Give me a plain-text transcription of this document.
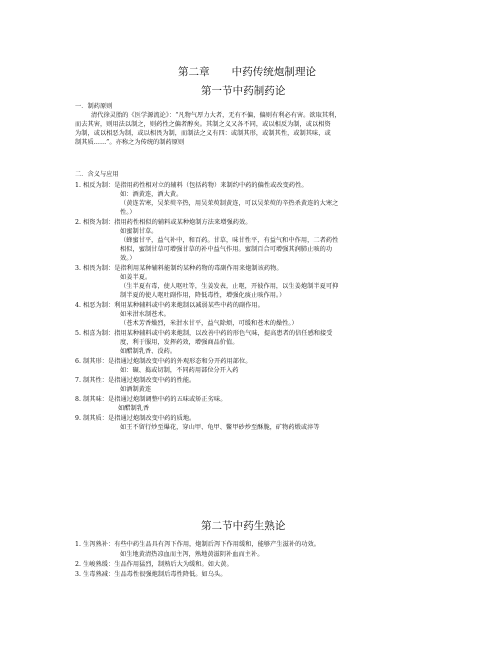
第二章 中药传统炮制理论
第一节中药制药论
一．制药原则
清代徐灵胎的《医学源流论》：“凡物气厚力大者，无有不偏，偏则有利必有害。欲取其利，
而去其害，则用法以制之，则药性之偏者醇矣。其制之义又各不同，或以相反为制，或以相资
为制，或以相恶为制，或以相畏为制，而制法之义有四：或制其形，或制其性，或制其味，或
制其质……”。亦称之为传统的制药原则
二．含义与应用
1. 相反为制：是指用药性相对立的辅料（包括药物）来制约中药的偏性或改变药性。
如：酒黄连，酒大黄。
（黄连苦寒，吴茱萸辛热，用吴茱萸制黄连，可以吴茱萸的辛热杀黄连的大寒之
性。）
2. 相资为制：指用药性相似的辅料或某种炮制方法来增强药效。
如蜜制甘草。
（蜂蜜甘平，益气补中，和百药。甘草，味甘性平，有益气和中作用，二者药性
相似，蜜制甘草可增强甘草的补中益气作用。蜜制百合可增强其润肺止咳的功
效。）
3. 相畏为制：是指利用某种辅料能制约某种药物的毒副作用来炮制该药物。
如姜半夏。
（生半夏有毒，使人呕吐等，生姜发表，止呕，开彼作用，以生姜炮制半夏可抑
制半夏的使人呕吐副作用，降低毒性，增强化痰止咳作用。）
4. 相恶为制：利用某种辅料或中药来炮制以减弱某些中药的副作用。
如米泔水制苍术。
（苍术芳香燥烈，米泔水甘平，益气除烦，可缓和苍术的燥性。）
5. 相喜为制：指用某种辅料或中药来炮制，以改善中药的形色气味，提高患者的信任感和接受
度，利于服用，发挥药效，增强商品价值。
如醋制乳香、没药。
6. 制其形：是指通过炮制改变中药的外观形态和分开药用部位。
如：碾、捣或切制，不同药用部位分开入药
7. 制其性：是指通过炮制改变中药的性能。
如酒制黄连
8. 制其味：是指通过炮制调整中药的五味或矫正劣味。
如醋制乳香
9. 制其质：是指通过炮制改变中药的质地。
如王不留行炒至爆花，穿山甲、龟甲、鳖甲砂炒至酥脆，矿物药煅或淬等
第二节中药生熟论
1. 生泻熟补：有些中药生品具有泻下作用，炮制后泻下作用缓和，能够产生滋补的功效。
如生地黄清热凉血而主泻，熟地黄滋阴补血而主补。
2. 生峻熟缓：生品作用猛烈，制熟后大为缓和。如大黄。
3. 生毒熟减：生品毒性很强炮制后毒性降低。如乌头。
